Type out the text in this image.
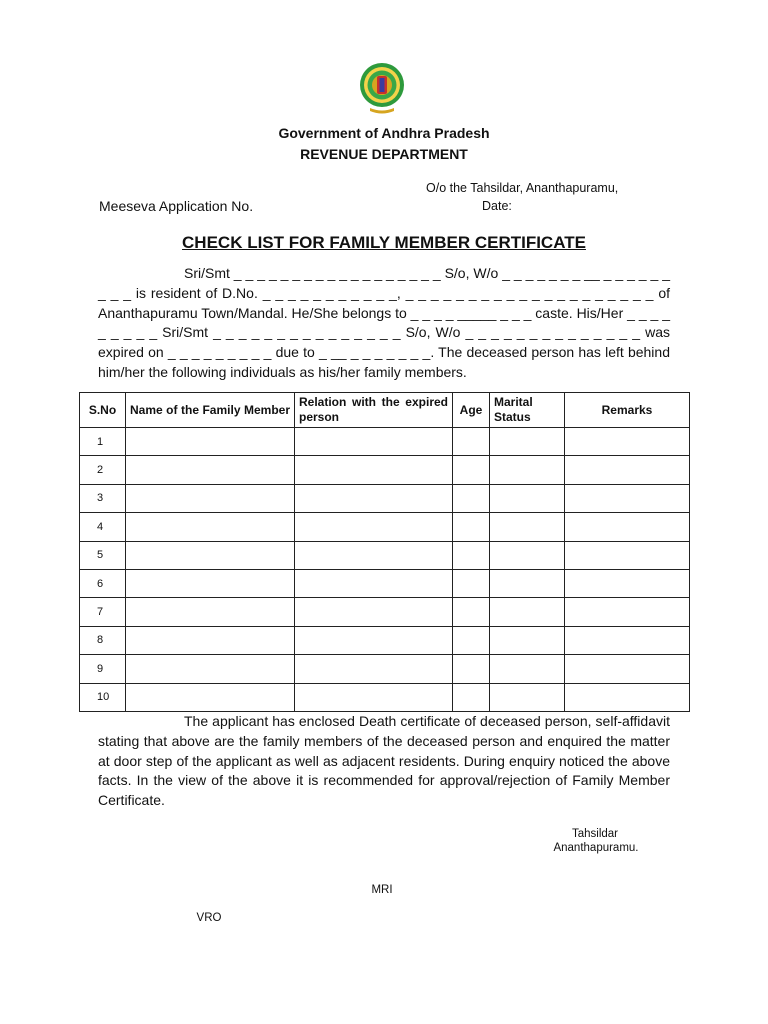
Government of Andhra Pradesh
REVENUE DEPARTMENT
O/o the Tahsildar, Ananthapuramu,
Meeseva Application No.	Date:
CHECK LIST FOR FAMILY MEMBER CERTIFICATE
Sri/Smt _ _ _ _ _ _ _ _ _ _ _ _ _ _ _ _ _ _ S/o, W/o _ _ _ _ _ _ _ __ _ _ _ _ _ _ _ _ _ is resident of D.No. _ _ _ _ _ _ _ _ _ _ _, _ _ _ _ _ _ _ _ _ _ _ _ _ _ _ _ _ _ _ _ of Ananthapuramu Town/Mandal. He/She belongs to _ _ _ _ _____ _ _ _ caste. His/Her _ _ _ _ _ _ _ _ _ Sri/Smt _ _ _ _ _ _ _ _ _ _ _ _ _ _ _ S/o, W/o _ _ _ _ _ _ _ _ _ _ _ _ _ _ was expired on _ _ _ _ _ _ _ _ _ due to _ __ _ _ _ _ _ _ _. The deceased person has left behind him/her the following individuals as his/her family members.
S.No	Name of the Family Member	Relation with the expired person	Age	Marital Status	Remarks
1					
2					
3					
4					
5					
6					
7					
8					
9					
10					
The applicant has enclosed Death certificate of deceased person, self-affidavit stating that above are the family members of the deceased person and enquired the matter at door step of the applicant as well as adjacent residents. During enquiry noticed the above facts. In the view of the above it is recommended for approval/rejection of Family Member Certificate.
Tahsildar
Ananthapuramu.
MRI
VRO
